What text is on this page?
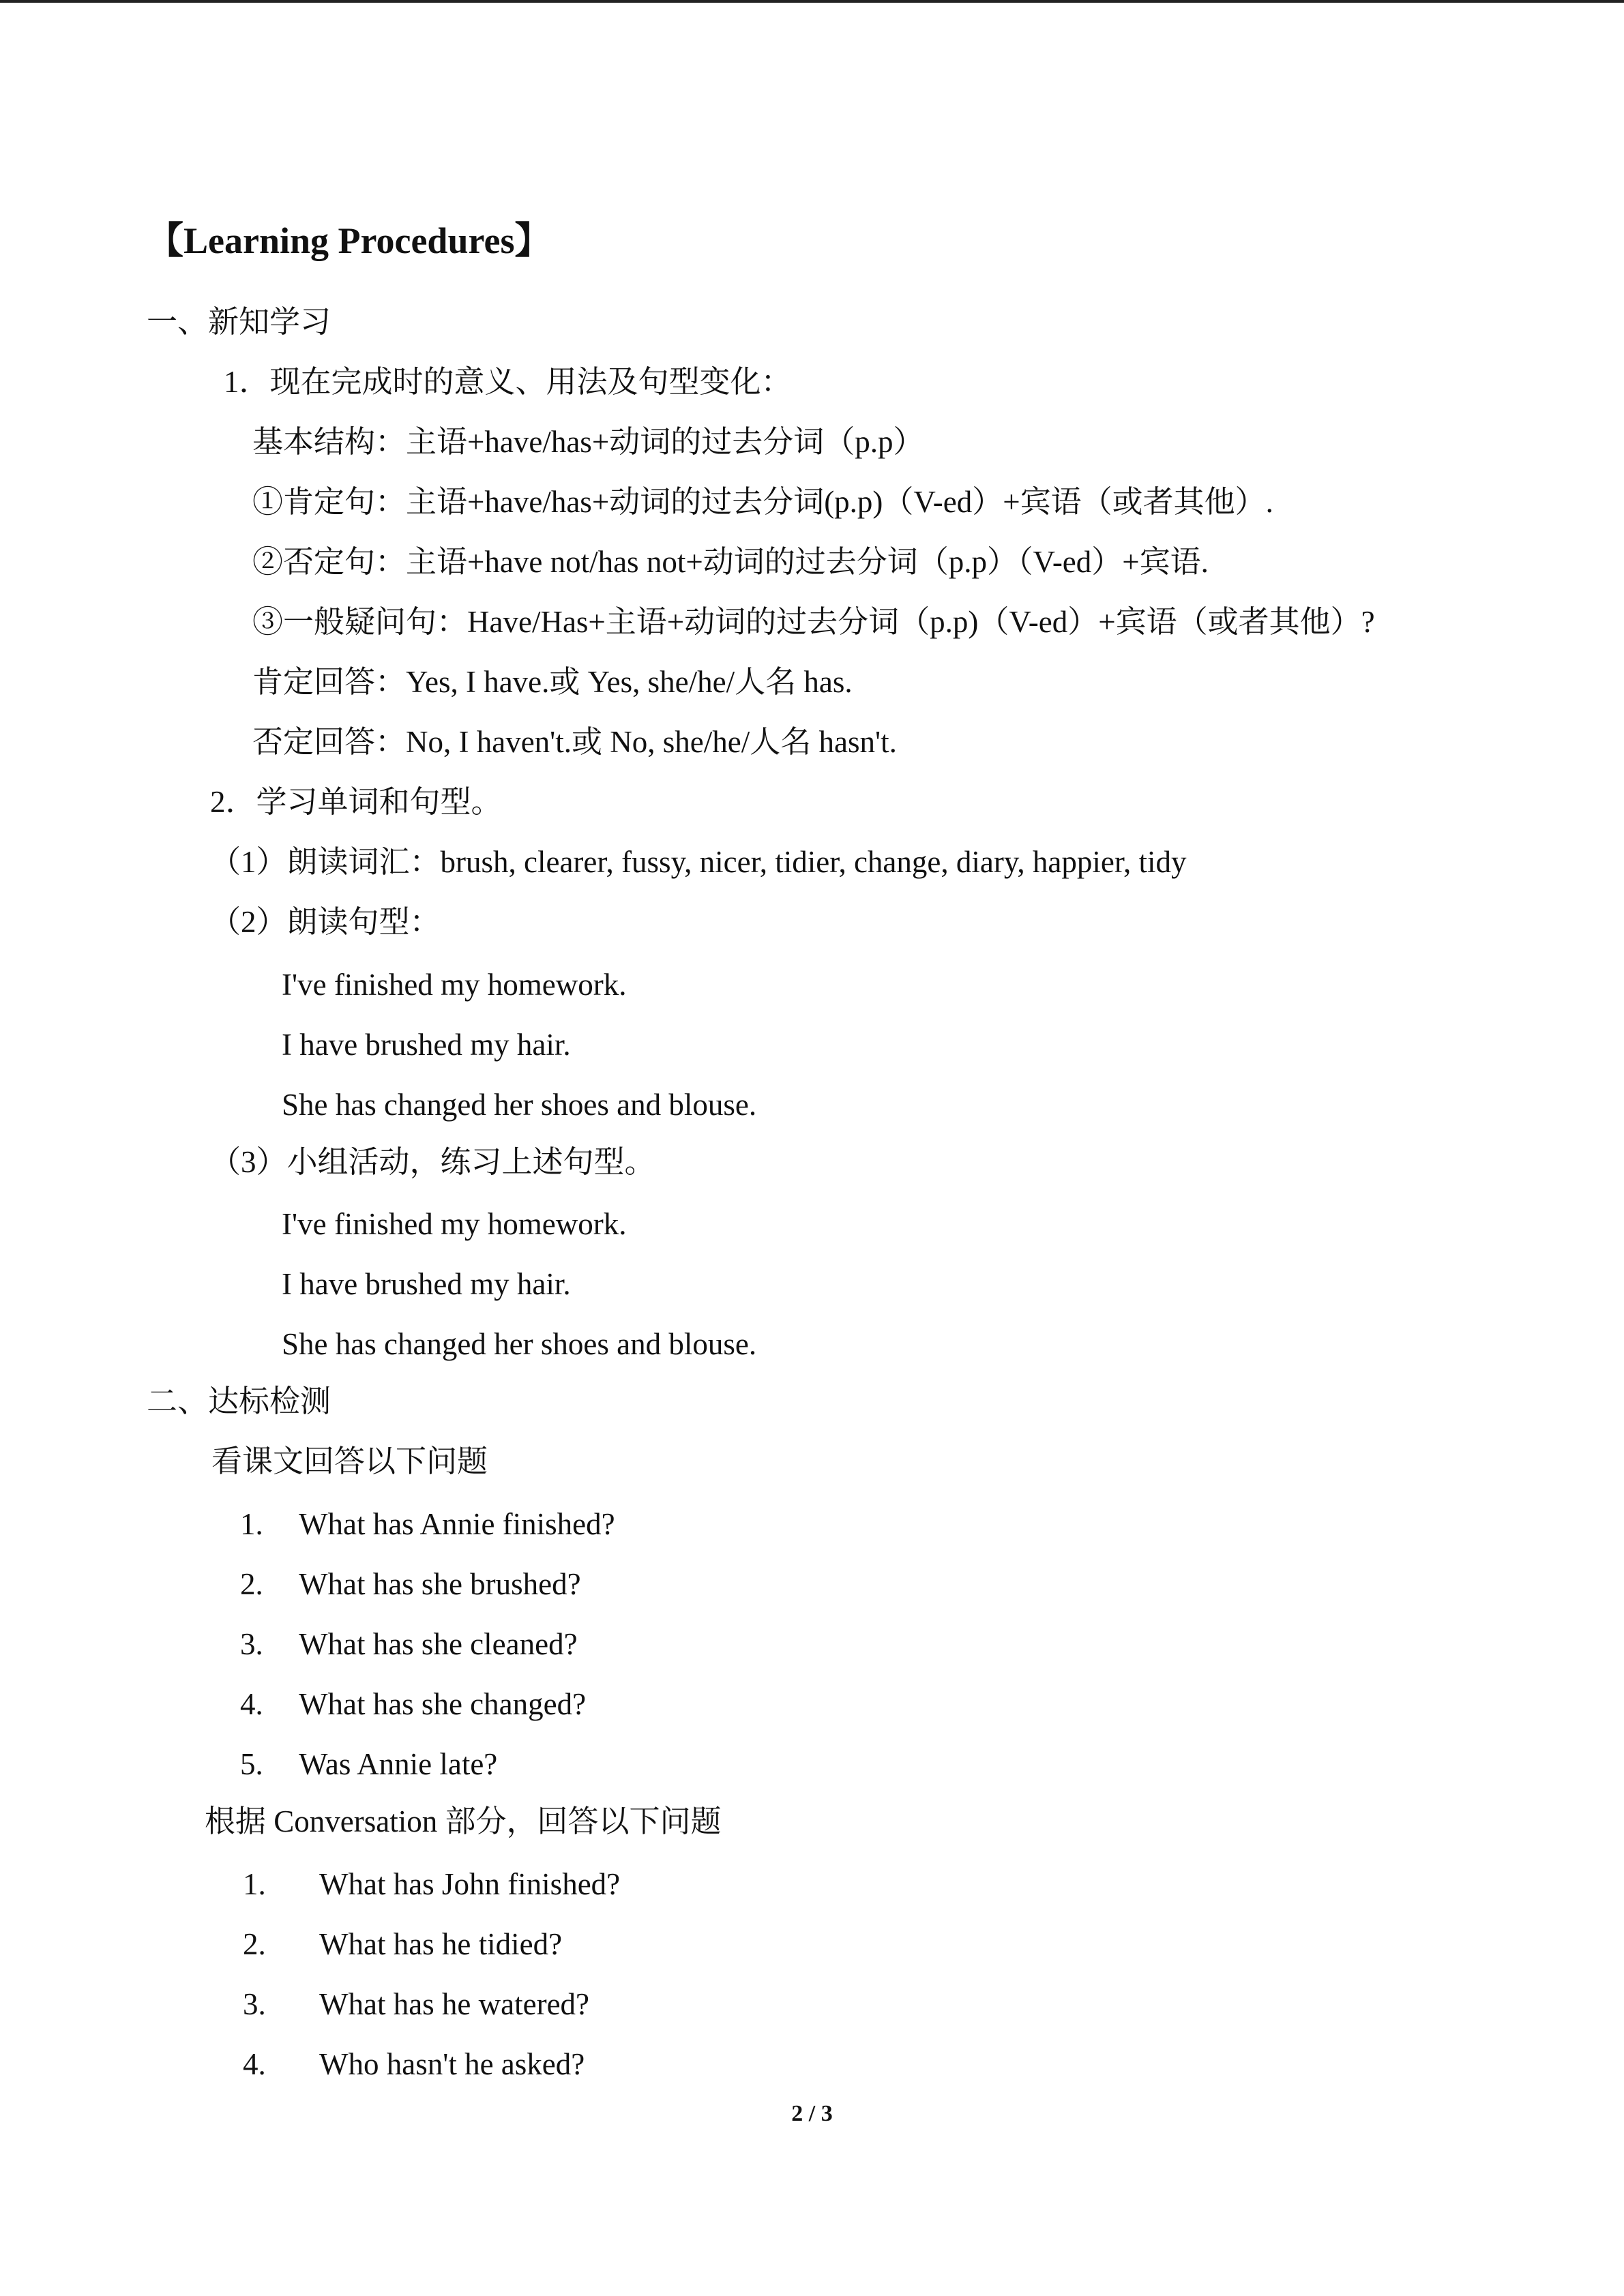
【Learning Procedures】
一、新知学习
1．现在完成时的意义、用法及句型变化：
基本结构：主语+have/has+动词的过去分词（p.p）
①肯定句：主语+have/has+动词的过去分词(p.p)（V-ed）+宾语（或者其他）.
②否定句：主语+have not/has not+动词的过去分词（p.p）（V-ed）+宾语.
③一般疑问句：Have/Has+主语+动词的过去分词（p.p)（V-ed）+宾语（或者其他）?
肯定回答：Yes, I have.或 Yes, she/he/人名 has.
否定回答：No, I haven't.或 No, she/he/人名 hasn't.
2．学习单词和句型。
（1）朗读词汇：brush, clearer, fussy, nicer, tidier, change, diary, happier, tidy
（2）朗读句型：
I've finished my homework.
I have brushed my hair.
She has changed her shoes and blouse.
（3）小组活动，练习上述句型。
I've finished my homework.
I have brushed my hair.
She has changed her shoes and blouse.
二、达标检测
看课文回答以下问题
1. What has Annie finished?
2. What has she brushed?
3. What has she cleaned?
4. What has she changed?
5. Was Annie late?
根据 Conversation 部分，回答以下问题
1. What has John finished?
2. What has he tidied?
3. What has he watered?
4. Who hasn't he asked?
2 / 3
